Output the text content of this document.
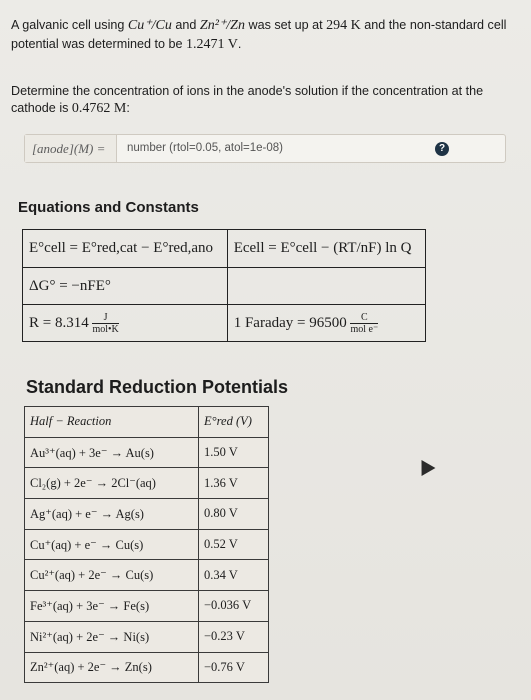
A galvanic cell using Cu⁺/Cu and Zn²⁺/Zn was set up at 294 K and the non-standard cell potential was determined to be 1.2471 V.
Determine the concentration of ions in the anode's solution if the concentration at the cathode is 0.4762 M:
[anode](M) =
number (rtol=0.05, atol=1e-08)	?
Equations and Constants
E°cell = E°red,cat − E°red,ano	Ecell = E°cell − (RT/nF) ln Q
ΔG° = −nFE°	
$R = 8.314 \frac{J}{\text{mol•K}}$	1 Faraday = $96500 \frac{C}{\text{mol e⁻}}$
Standard Reduction Potentials
Half − Reaction	E°red (V)
Au³⁺(aq) + 3e⁻ → Au(s)	1.50 V
Cl₂(g) + 2e⁻ → 2Cl⁻(aq)	1.36 V
Ag⁺(aq) + e⁻ → Ag(s)	0.80 V
Cu⁺(aq) + e⁻ → Cu(s)	0.52 V
Cu²⁺(aq) + 2e⁻ → Cu(s)	0.34 V
Fe³⁺(aq) + 3e⁻ → Fe(s)	−0.036 V
Ni²⁺(aq) + 2e⁻ → Ni(s)	−0.23 V
Zn²⁺(aq) + 2e⁻ → Zn(s)	−0.76 V
